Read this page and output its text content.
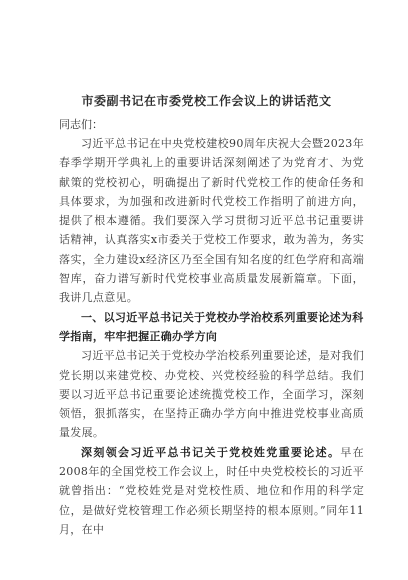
市委副书记在市委党校工作会议上的讲话范文

同志们：

习近平总书记在中央党校建校90周年庆祝大会暨2023年春季学期开学典礼上的重要讲话深刻阐述了为党育才、为党献策的党校初心，明确提出了新时代党校工作的使命任务和具体要求，为加强和改进新时代党校工作指明了前进方向，提供了根本遵循。我们要深入学习贯彻习近平总书记重要讲话精神，认真落实x市委关于党校工作要求，敢为善为，务实落实，全力建设x经济区乃至全国有知名度的红色学府和高端智库，奋力谱写新时代党校事业高质量发展新篇章。下面，我讲几点意见。

一、以习近平总书记关于党校办学治校系列重要论述为科学指南，牢牢把握正确办学方向

习近平总书记关于党校办学治校系列重要论述，是对我们党长期以来建党校、办党校、兴党校经验的科学总结。我们要以习近平总书记重要论述统揽党校工作，全面学习，深刻领悟，狠抓落实，在坚持正确办学方向中推进党校事业高质量发展。

深刻领会习近平总书记关于党校姓党重要论述。早在2008年的全国党校工作会议上，时任中央党校校长的习近平就曾指出：“党校姓党是对党校性质、地位和作用的科学定位，是做好党校管理工作必须长期坚持的根本原则。”同年11月，在中
